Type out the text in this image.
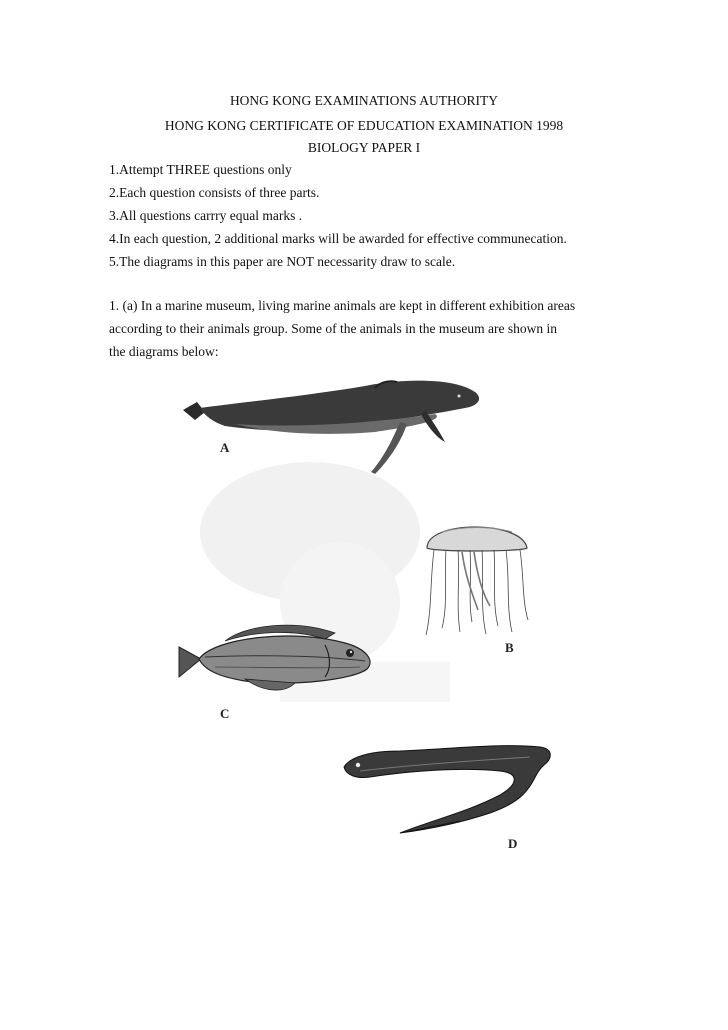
HONG KONG EXAMINATIONS AUTHORITY
HONG KONG CERTIFICATE OF EDUCATION EXAMINATION 1998
BIOLOGY PAPER I
1.Attempt THREE questions only
2.Each question consists of three parts.
3.All questions carrry equal marks .
4.In each question, 2 additional marks will be awarded for effective communecation.
5.The diagrams in this paper are NOT necessarity draw to scale.
1. (a) In a marine museum, living marine animals are kept in different exhibition areas
according to their animals group. Some of the animals in the museum are shown in
the diagrams below:
A
B
C
D
